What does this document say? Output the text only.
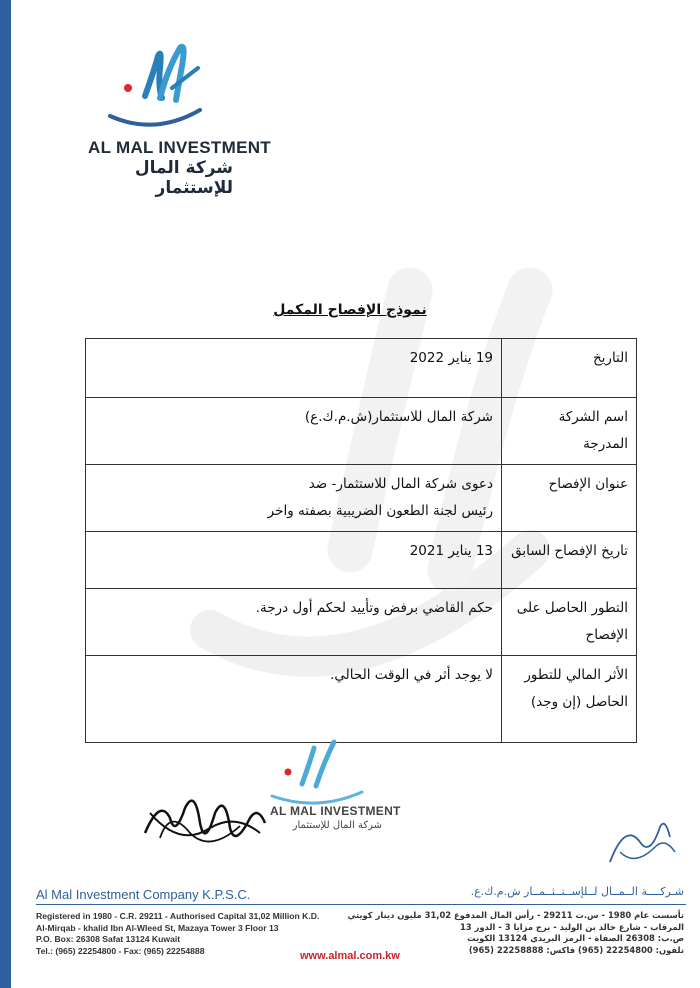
AL MAL INVESTMENT
شركة المال للإستثمار
نموذج الإفصاح المكمل
التاريخ	19 يناير 2022

اسم الشركة المدرجة	شركة المال للاستثمار(ش.م.ك.ع)

عنوان الإفصاح	دعوى شركة المال للاستثمار- ضد
رئيس لجنة الطعون الضريبية بصفته واخر

تاريخ الإفصاح السابق	13 يناير 2021

التطور الحاصل على الإفصاح	حكم القاضي برفض وتأييد لحكم أول درجة.

الأثر المالي للتطور الحاصل (إن وجد)	لا يوجد أثر في الوقت الحالي.
AL MAL INVESTMENT
شركة المال للإستثمار
Al Mal Investment Company K.P.S.C.	شـركــــة الــمــال لــلإســتــثــمــار ش.م.ك.ع.
Registered in 1980 - C.R. 29211 - Authorised Capital 31,02 Million K.D.
Al-Mirqab - khalid Ibn Al-Wleed St, Mazaya Tower 3 Floor 13
P.O. Box: 26308 Safat 13124 Kuwait
Tel.: (965) 22254800 - Fax: (965) 22254888
تأسست عام 1980 - س.ت 29211 - رأس المال المدفوع 31,02 مليون دينار كويتي
المرقاب - شارع خالد بن الوليد - برج مزايا 3 - الدور 13
ص.ب: 26308 الصفاة - الرمز البريدي 13124 الكويت
تلفون: 22254800 (965) فاكس: 22258888 (965)
www.almal.com.kw
